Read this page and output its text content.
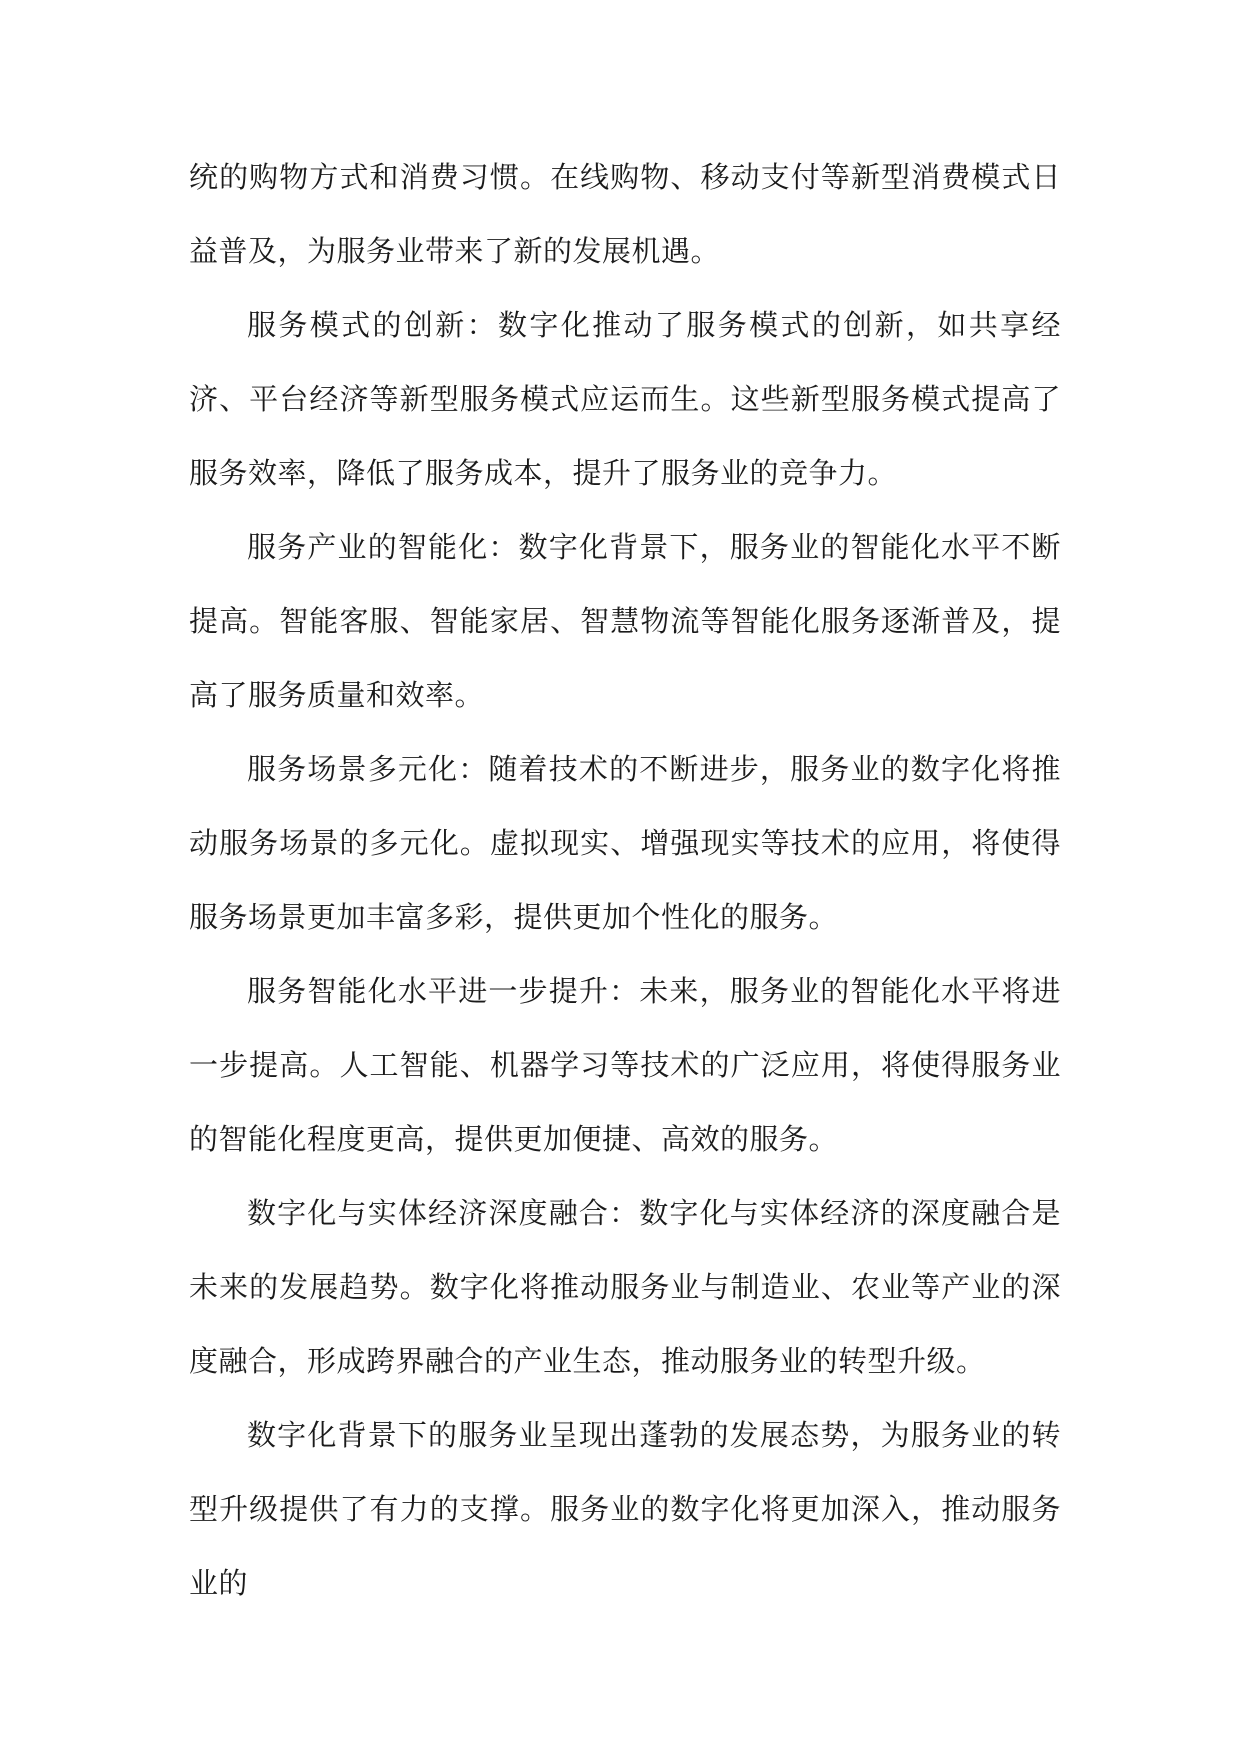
统的购物方式和消费习惯。在线购物、移动支付等新型消费模式日益普及，为服务业带来了新的发展机遇。

服务模式的创新：数字化推动了服务模式的创新，如共享经济、平台经济等新型服务模式应运而生。这些新型服务模式提高了服务效率，降低了服务成本，提升了服务业的竞争力。

服务产业的智能化：数字化背景下，服务业的智能化水平不断提高。智能客服、智能家居、智慧物流等智能化服务逐渐普及，提高了服务质量和效率。

服务场景多元化：随着技术的不断进步，服务业的数字化将推动服务场景的多元化。虚拟现实、增强现实等技术的应用，将使得服务场景更加丰富多彩，提供更加个性化的服务。

服务智能化水平进一步提升：未来，服务业的智能化水平将进一步提高。人工智能、机器学习等技术的广泛应用，将使得服务业的智能化程度更高，提供更加便捷、高效的服务。

数字化与实体经济深度融合：数字化与实体经济的深度融合是未来的发展趋势。数字化将推动服务业与制造业、农业等产业的深度融合，形成跨界融合的产业生态，推动服务业的转型升级。

数字化背景下的服务业呈现出蓬勃的发展态势，为服务业的转型升级提供了有力的支撑。服务业的数字化将更加深入，推动服务业的
